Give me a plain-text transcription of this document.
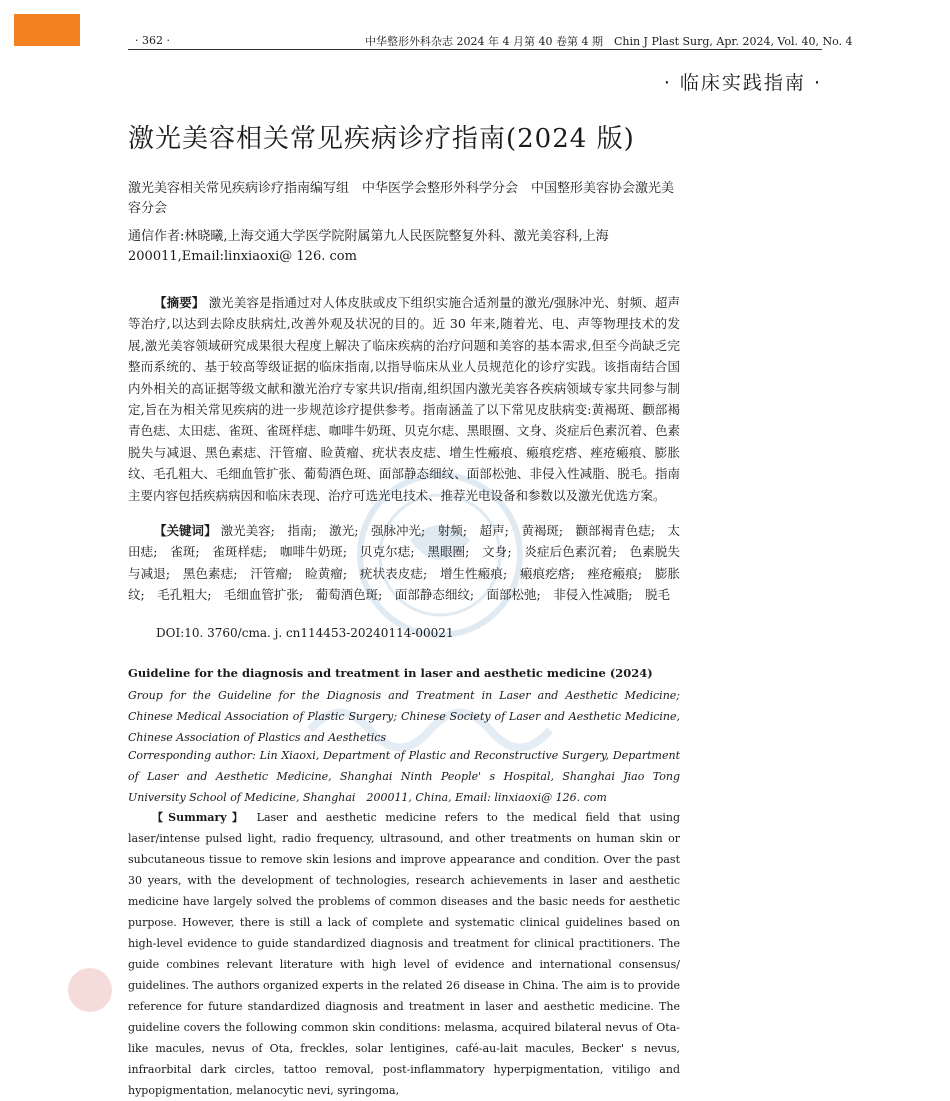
· 362 ·	中华整形外科杂志 2024 年 4 月第 40 卷第 4 期　Chin J Plast Surg, Apr. 2024, Vol. 40, No. 4
· 临床实践指南 ·
激光美容相关常见疾病诊疗指南(2024 版)
激光美容相关常见疾病诊疗指南编写组　中华医学会整形外科学分会　中国整形美容协会激光美容分会
通信作者:林晓曦,上海交通大学医学院附属第九人民医院整复外科、激光美容科,上海 200011,Email:linxiaoxi@ 126. com
【摘要】 激光美容是指通过对人体皮肤或皮下组织实施合适剂量的激光/强脉冲光、射频、超声等治疗,以达到去除皮肤病灶,改善外观及状况的目的。近 30 年来,随着光、电、声等物理技术的发展,激光美容领域研究成果很大程度上解决了临床疾病的治疗问题和美容的基本需求,但至今尚缺乏完整而系统的、基于较高等级证据的临床指南,以指导临床从业人员规范化的诊疗实践。该指南结合国内外相关的高证据等级文献和激光治疗专家共识/指南,组织国内激光美容各疾病领域专家共同参与制定,旨在为相关常见疾病的进一步规范诊疗提供参考。指南涵盖了以下常见皮肤病变:黄褐斑、颧部褐青色痣、太田痣、雀斑、雀斑样痣、咖啡牛奶斑、贝克尔痣、黑眼圈、文身、炎症后色素沉着、色素脱失与减退、黑色素痣、汗管瘤、睑黄瘤、疣状表皮痣、增生性瘢痕、瘢痕疙瘩、痤疮瘢痕、膨胀纹、毛孔粗大、毛细血管扩张、葡萄酒色斑、面部静态细纹、面部松弛、非侵入性减脂、脱毛。指南主要内容包括疾病病因和临床表现、治疗可选光电技术、推荐光电设备和参数以及激光优选方案。
【关键词】 激光美容;　指南;　激光;　强脉冲光;　射频;　超声;　黄褐斑;　颧部褐青色痣;　太田痣;　雀斑;　雀斑样痣;　咖啡牛奶斑;　贝克尔痣;　黑眼圈;　文身;　炎症后色素沉着;　色素脱失与减退;　黑色素痣;　汗管瘤;　睑黄瘤;　疣状表皮痣;　增生性瘢痕;　瘢痕疙瘩;　痤疮瘢痕;　膨胀纹;　毛孔粗大;　毛细血管扩张;　葡萄酒色斑;　面部静态细纹;　面部松弛;　非侵入性减脂;　脱毛
DOI:10. 3760/cma. j. cn114453-20240114-00021
Guideline for the diagnosis and treatment in laser and aesthetic medicine (2024)
Group for the Guideline for the Diagnosis and Treatment in Laser and Aesthetic Medicine; Chinese Medical Association of Plastic Surgery; Chinese Society of Laser and Aesthetic Medicine, Chinese Association of Plastics and Aesthetics
Corresponding author: Lin Xiaoxi, Department of Plastic and Reconstructive Surgery, Department of Laser and Aesthetic Medicine, Shanghai Ninth People' s Hospital, Shanghai Jiao Tong University School of Medicine, Shanghai　200011, China, Email: linxiaoxi@ 126. com
【Summary】 Laser and aesthetic medicine refers to the medical field that using laser/intense pulsed light, radio frequency, ultrasound, and other treatments on human skin or subcutaneous tissue to remove skin lesions and improve appearance and condition. Over the past 30 years, with the development of technologies, research achievements in laser and aesthetic medicine have largely solved the problems of common diseases and the basic needs for aesthetic purpose. However, there is still a lack of complete and systematic clinical guidelines based on high-level evidence to guide standardized diagnosis and treatment for clinical practitioners. The guide combines relevant literature with high level of evidence and international consensus/ guidelines. The authors organized experts in the related 26 disease in China. The aim is to provide reference for future standardized diagnosis and treatment in laser and aesthetic medicine. The guideline covers the following common skin conditions: melasma, acquired bilateral nevus of Ota-like macules, nevus of Ota, freckles, solar lentigines, café-au-lait macules, Becker' s nevus, infraorbital dark circles, tattoo removal, post-inflammatory hyperpigmentation, vitiligo and hypopigmentation, melanocytic nevi, syringoma,
